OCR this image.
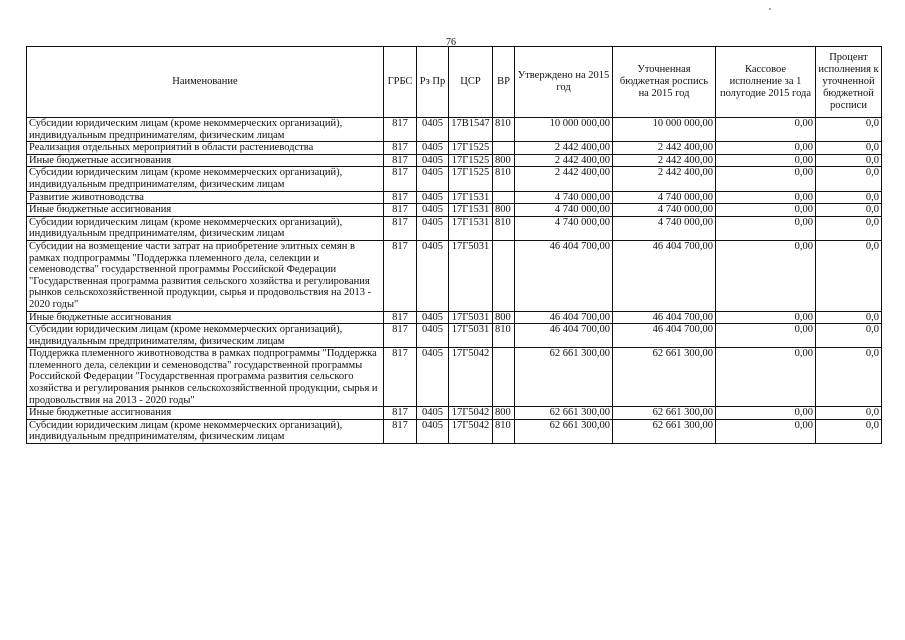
76
Наименование	ГРБС	Рз Пр	ЦСР	ВР	Утверждено на 2015 год	Уточненная бюджетная роспись на 2015 год	Кассовое исполнение за 1 полугодие 2015 года	Процент исполнения к уточненной бюджетной росписи
Субсидии юридическим лицам (кроме некоммерческих организаций), индивидуальным предпринимателям, физическим лицам	817	0405	17В1547	810	10 000 000,00	10 000 000,00	0,00	0,0
Реализация отдельных мероприятий в области растениеводства	817	0405	17Г1525		2 442 400,00	2 442 400,00	0,00	0,0
Иные бюджетные ассигнования	817	0405	17Г1525	800	2 442 400,00	2 442 400,00	0,00	0,0
Субсидии юридическим лицам (кроме некоммерческих организаций), индивидуальным предпринимателям, физическим лицам	817	0405	17Г1525	810	2 442 400,00	2 442 400,00	0,00	0,0
Развитие животноводства	817	0405	17Г1531		4 740 000,00	4 740 000,00	0,00	0,0
Иные бюджетные ассигнования	817	0405	17Г1531	800	4 740 000,00	4 740 000,00	0,00	0,0
Субсидии юридическим лицам (кроме некоммерческих организаций), индивидуальным предпринимателям, физическим лицам	817	0405	17Г1531	810	4 740 000,00	4 740 000,00	0,00	0,0
Субсидии на возмещение части затрат на приобретение элитных семян в рамках подпрограммы "Поддержка племенного дела, селекции и семеноводства" государственной программы Российской Федерации "Государственная программа развития сельского хозяйства и регулирования рынков сельскохозяйственной продукции, сырья и продовольствия на 2013 - 2020 годы"	817	0405	17Г5031		46 404 700,00	46 404 700,00	0,00	0,0
Иные бюджетные ассигнования	817	0405	17Г5031	800	46 404 700,00	46 404 700,00	0,00	0,0
Субсидии юридическим лицам (кроме некоммерческих организаций), индивидуальным предпринимателям, физическим лицам	817	0405	17Г5031	810	46 404 700,00	46 404 700,00	0,00	0,0
Поддержка племенного животноводства в рамках подпрограммы "Поддержка племенного дела, селекции и семеноводства" государственной программы Российской Федерации "Государственная программа развития сельского хозяйства и регулирования рынков сельскохозяйственной продукции, сырья и продовольствия на 2013 - 2020 годы"	817	0405	17Г5042		62 661 300,00	62 661 300,00	0,00	0,0
Иные бюджетные ассигнования	817	0405	17Г5042	800	62 661 300,00	62 661 300,00	0,00	0,0
Субсидии юридическим лицам (кроме некоммерческих организаций), индивидуальным предпринимателям, физическим лицам	817	0405	17Г5042	810	62 661 300,00	62 661 300,00	0,00	0,0
